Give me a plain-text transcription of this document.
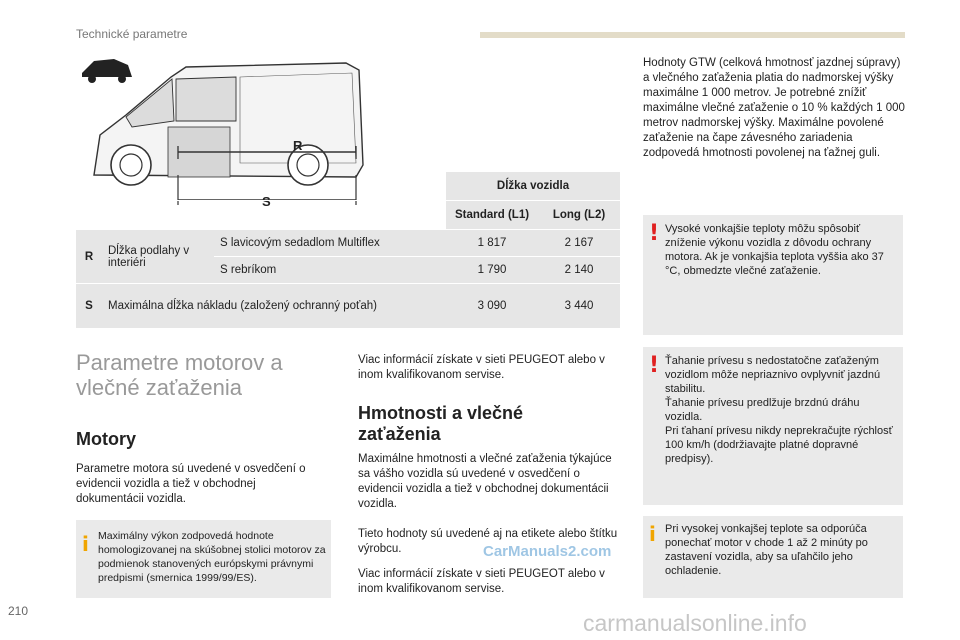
Technické parametre
R
S
			Dĺžka vozidla	
			Standard (L1)	Long (L2)
R	Dĺžka podlahy v interiéri	S lavicovým sedadlom Multiflex	1 817	2 167
		S rebríkom	1 790	2 140
S	Maximálna dĺžka nákladu (založený ochranný poťah)		3 090	3 440
Parametre motorov a vlečné zaťaženia
Motory
Parametre motora sú uvedené v osvedčení o evidencii vozidla a tiež v obchodnej dokumentácii vozidla.
i Maximálny výkon zodpovedá hodnote homologizovanej na skúšobnej stolici motorov za podmienok stanovených európskymi právnymi predpismi (smernica 1999/99/ES).
Viac informácií získate v sieti PEUGEOT alebo v inom kvalifikovanom servise.
Hmotnosti a vlečné zaťaženia
Maximálne hmotnosti a vlečné zaťaženia týkajúce sa vášho vozidla sú uvedené v osvedčení o evidencii vozidla a tiež v obchodnej dokumentácii vozidla.
Tieto hodnoty sú uvedené aj na etikete alebo štítku výrobcu.
Viac informácií získate v sieti PEUGEOT alebo v inom kvalifikovanom servise.
Hodnoty GTW (celková hmotnosť jazdnej súpravy) a vlečného zaťaženia platia do nadmorskej výšky maximálne 1 000 metrov. Je potrebné znížiť maximálne vlečné zaťaženie o 10 % každých 1 000 metrov nadmorskej výšky. Maximálne povolené zaťaženie na čape závesného zariadenia zodpovedá hmotnosti povolenej na ťažnej guli.
! Vysoké vonkajšie teploty môžu spôsobiť zníženie výkonu vozidla z dôvodu ochrany motora. Ak je vonkajšia teplota vyššia ako 37 °C, obmedzte vlečné zaťaženie.
! Ťahanie prívesu s nedostatočne zaťaženým vozidlom môže nepriaznivo ovplyvniť jazdnú stabilitu.
Ťahanie prívesu predlžuje brzdnú dráhu vozidla.
Pri ťahaní prívesu nikdy neprekračujte rýchlosť 100 km/h (dodržiavajte platné dopravné predpisy).
i Pri vysokej vonkajšej teplote sa odporúča ponechať motor v chode 1 až 2 minúty po zastavení vozidla, aby sa uľahčilo jeho ochladenie.
CarManuals2.com
210	carmanualsonline.info
